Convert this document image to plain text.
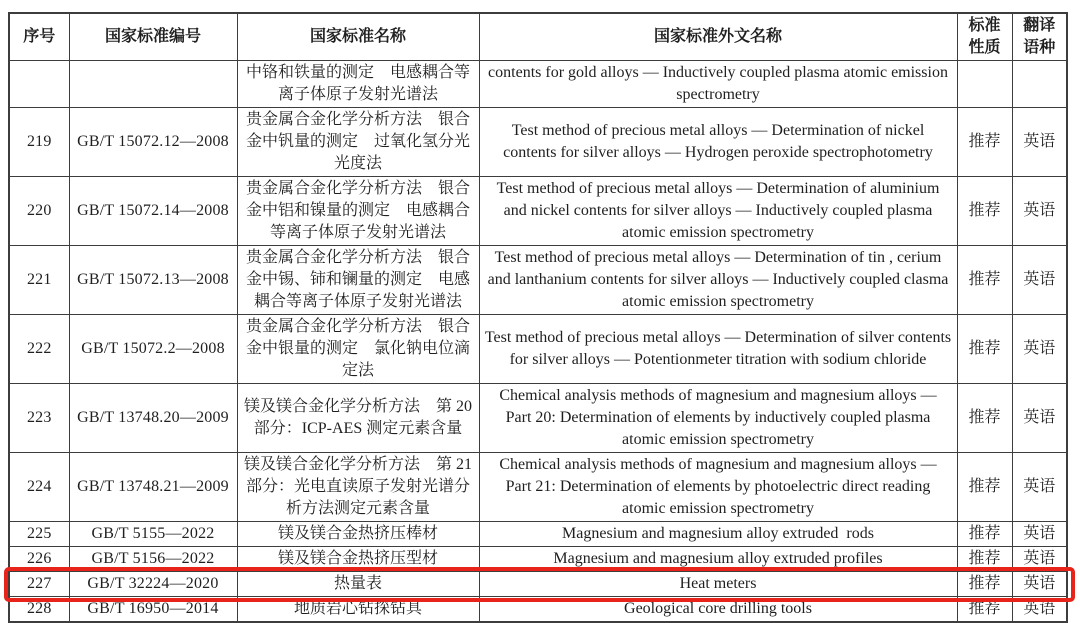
序号	国家标准编号	国家标准名称	国家标准外文名称	标准性质	翻译语种
		中铬和铁量的测定　电感耦合等离子体原子发射光谱法	contents for gold alloys — Inductively coupled plasma atomic emission spectrometry		
219	GB/T 15072.12—2008	贵金属合金化学分析方法　银合金中钒量的测定　过氧化氢分光光度法	Test method of precious metal alloys — Determination of nickel contents for silver alloys — Hydrogen peroxide spectrophotometry	推荐	英语
220	GB/T 15072.14—2008	贵金属合金化学分析方法　银合金中铝和镍量的测定　电感耦合等离子体原子发射光谱法	Test method of precious metal alloys — Determination of aluminium and nickel contents for silver alloys — Inductively coupled plasma atomic emission spectrometry	推荐	英语
221	GB/T 15072.13—2008	贵金属合金化学分析方法　银合金中锡、铈和镧量的测定　电感耦合等离子体原子发射光谱法	Test method of precious metal alloys — Determination of tin , cerium and lanthanium contents for silver alloys — Inductively coupled clasma atomic emission spectrometry	推荐	英语
222	GB/T 15072.2—2008	贵金属合金化学分析方法　银合金中银量的测定　氯化钠电位滴定法	Test method of precious metal alloys — Determination of silver contents for silver alloys — Potentionmeter titration with sodium chloride	推荐	英语
223	GB/T 13748.20—2009	镁及镁合金化学分析方法　第 20 部分：ICP-AES 测定元素含量	Chemical analysis methods of magnesium and magnesium alloys — Part 20: Determination of elements by inductively coupled plasma atomic emission spectrometry	推荐	英语
224	GB/T 13748.21—2009	镁及镁合金化学分析方法　第 21 部分：光电直读原子发射光谱分析方法测定元素含量	Chemical analysis methods of magnesium and magnesium alloys — Part 21: Determination of elements by photoelectric direct reading atomic emission spectrometry	推荐	英语
225	GB/T 5155—2022	镁及镁合金热挤压棒材	Magnesium and magnesium alloy extruded  rods	推荐	英语
226	GB/T 5156—2022	镁及镁合金热挤压型材	Magnesium and magnesium alloy extruded profiles	推荐	英语
227	GB/T 32224—2020	热量表	Heat meters	推荐	英语
228	GB/T 16950—2014	地质岩心钻探钻具	Geological core drilling tools	推荐	英语
